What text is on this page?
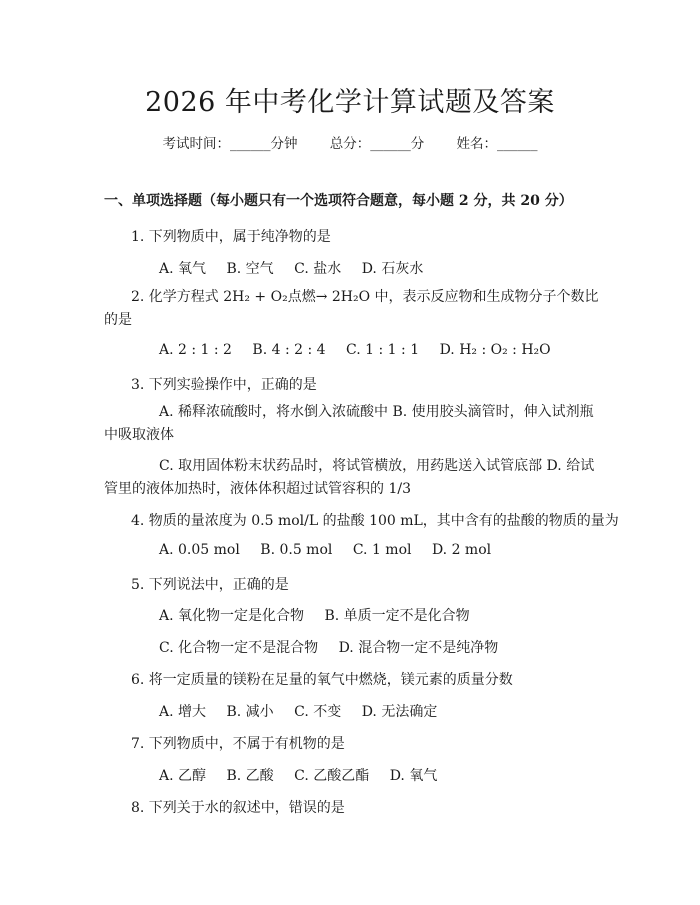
2026 年中考化学计算试题及答案
考试时间：______分钟 总分：______分 姓名：______
一、单项选择题（每小题只有一个选项符合题意，每小题 2 分，共 20 分）
1. 下列物质中，属于纯净物的是
A. 氧气 B. 空气 C. 盐水 D. 石灰水
2. 化学方程式 2H₂ + O₂点燃→ 2H₂O 中，表示反应物和生成物分子个数比的是
A. 2 : 1 : 2 B. 4 : 2 : 4 C. 1 : 1 : 1 D. H₂ : O₂ : H₂O
3. 下列实验操作中，正确的是
A. 稀释浓硫酸时，将水倒入浓硫酸中 B. 使用胶头滴管时，伸入试剂瓶中吸取液体
C. 取用固体粉末状药品时，将试管横放，用药匙送入试管底部 D. 给试管里的液体加热时，液体体积超过试管容积的 1/3
4. 物质的量浓度为 0.5 mol/L 的盐酸 100 mL，其中含有的盐酸的物质的量为
A. 0.05 mol B. 0.5 mol C. 1 mol D. 2 mol
5. 下列说法中，正确的是
A. 氧化物一定是化合物 B. 单质一定不是化合物
C. 化合物一定不是混合物 D. 混合物一定不是纯净物
6. 将一定质量的镁粉在足量的氧气中燃烧，镁元素的质量分数
A. 增大 B. 减小 C. 不变 D. 无法确定
7. 下列物质中，不属于有机物的是
A. 乙醇 B. 乙酸 C. 乙酸乙酯 D. 氧气
8. 下列关于水的叙述中，错误的是
